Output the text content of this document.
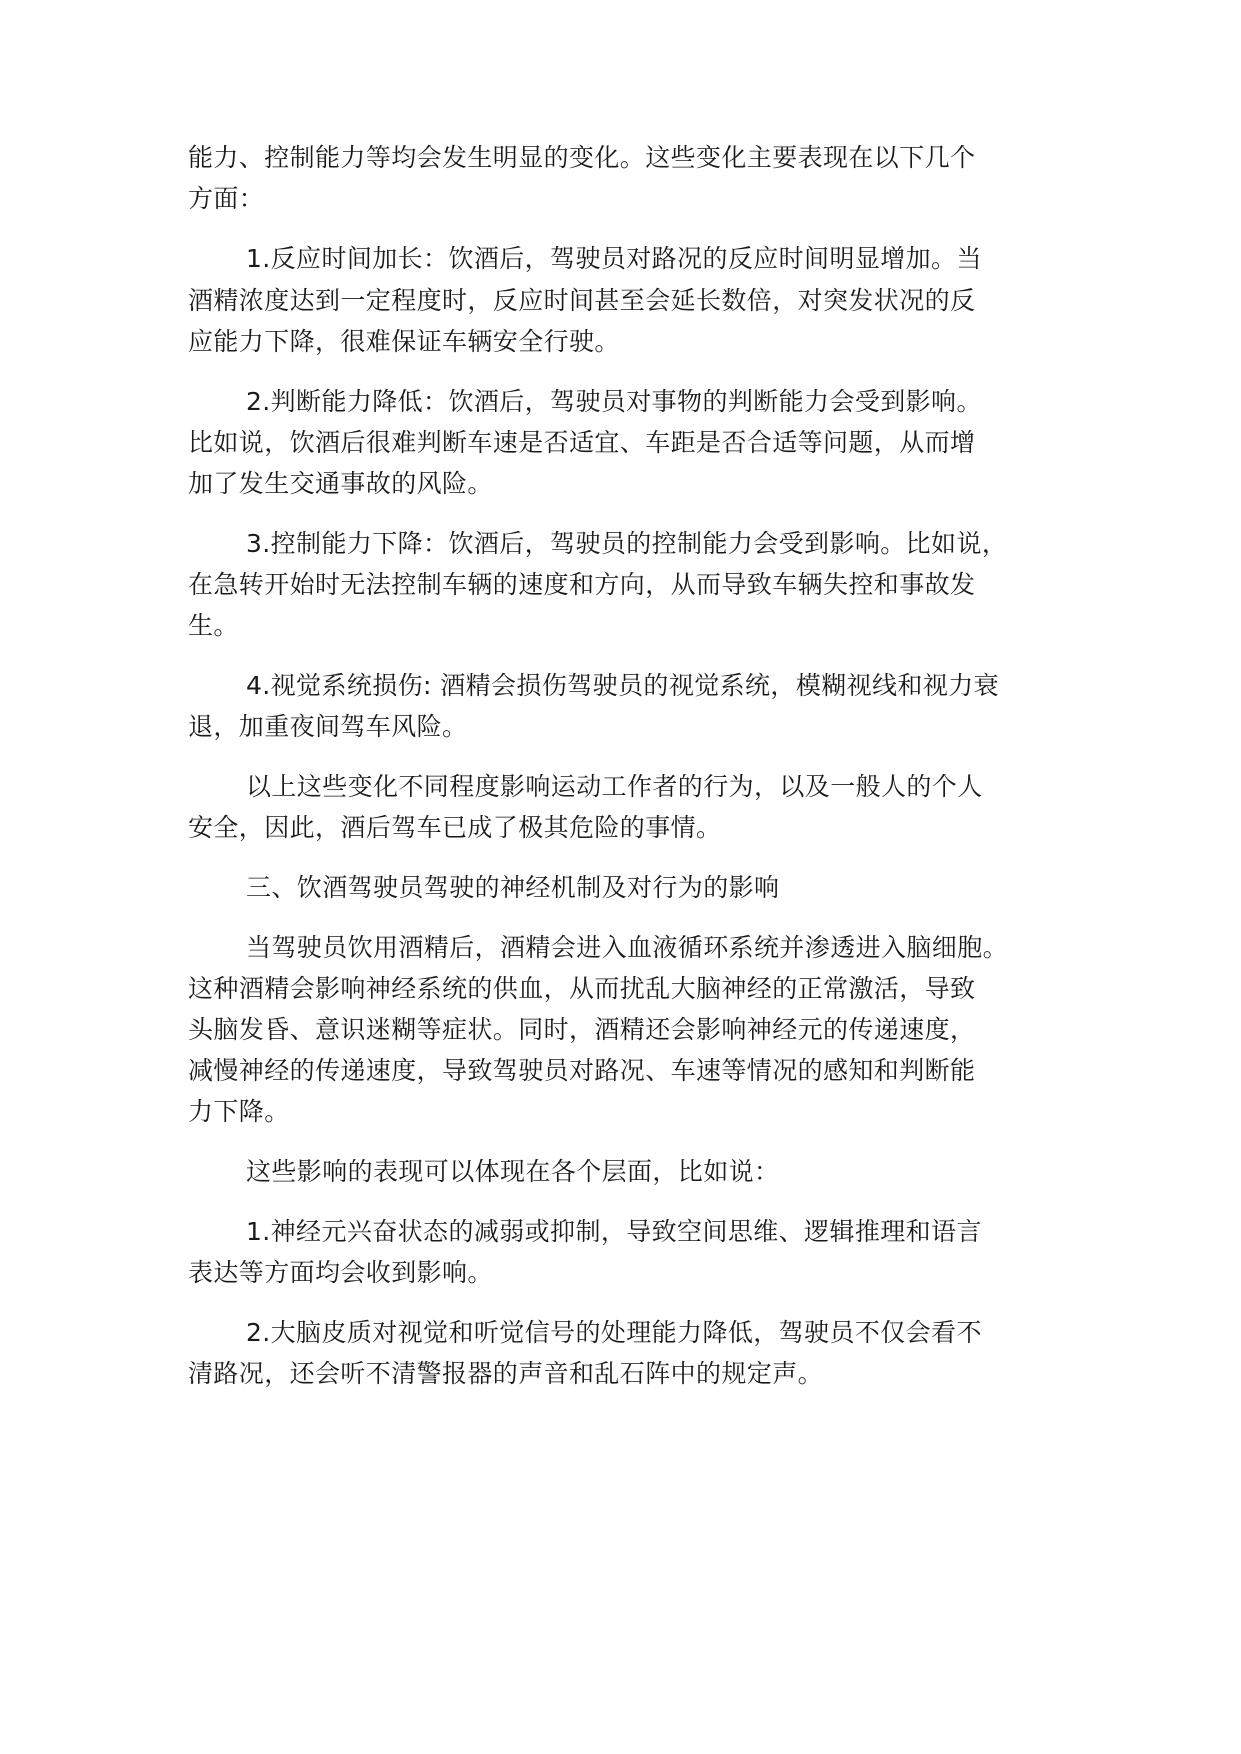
能力、控制能力等均会发生明显的变化。这些变化主要表现在以下几个
方面：
1.反应时间加长：饮酒后，驾驶员对路况的反应时间明显增加。当
酒精浓度达到一定程度时，反应时间甚至会延长数倍，对突发状况的反
应能力下降，很难保证车辆安全行驶。
2.判断能力降低：饮酒后，驾驶员对事物的判断能力会受到影响。
比如说，饮酒后很难判断车速是否适宜、车距是否合适等问题，从而增
加了发生交通事故的风险。
3.控制能力下降：饮酒后，驾驶员的控制能力会受到影响。比如说，
在急转开始时无法控制车辆的速度和方向，从而导致车辆失控和事故发
生。
4.视觉系统损伤: 酒精会损伤驾驶员的视觉系统，模糊视线和视力衰
退，加重夜间驾车风险。
以上这些变化不同程度影响运动工作者的行为，以及一般人的个人
安全，因此，酒后驾车已成了极其危险的事情。
三、饮酒驾驶员驾驶的神经机制及对行为的影响
当驾驶员饮用酒精后，酒精会进入血液循环系统并渗透进入脑细胞。
这种酒精会影响神经系统的供血，从而扰乱大脑神经的正常激活，导致
头脑发昏、意识迷糊等症状。同时，酒精还会影响神经元的传递速度，
减慢神经的传递速度，导致驾驶员对路况、车速等情况的感知和判断能
力下降。
这些影响的表现可以体现在各个层面，比如说：
1.神经元兴奋状态的减弱或抑制，导致空间思维、逻辑推理和语言
表达等方面均会收到影响。
2.大脑皮质对视觉和听觉信号的处理能力降低，驾驶员不仅会看不
清路况，还会听不清警报器的声音和乱石阵中的规定声。
